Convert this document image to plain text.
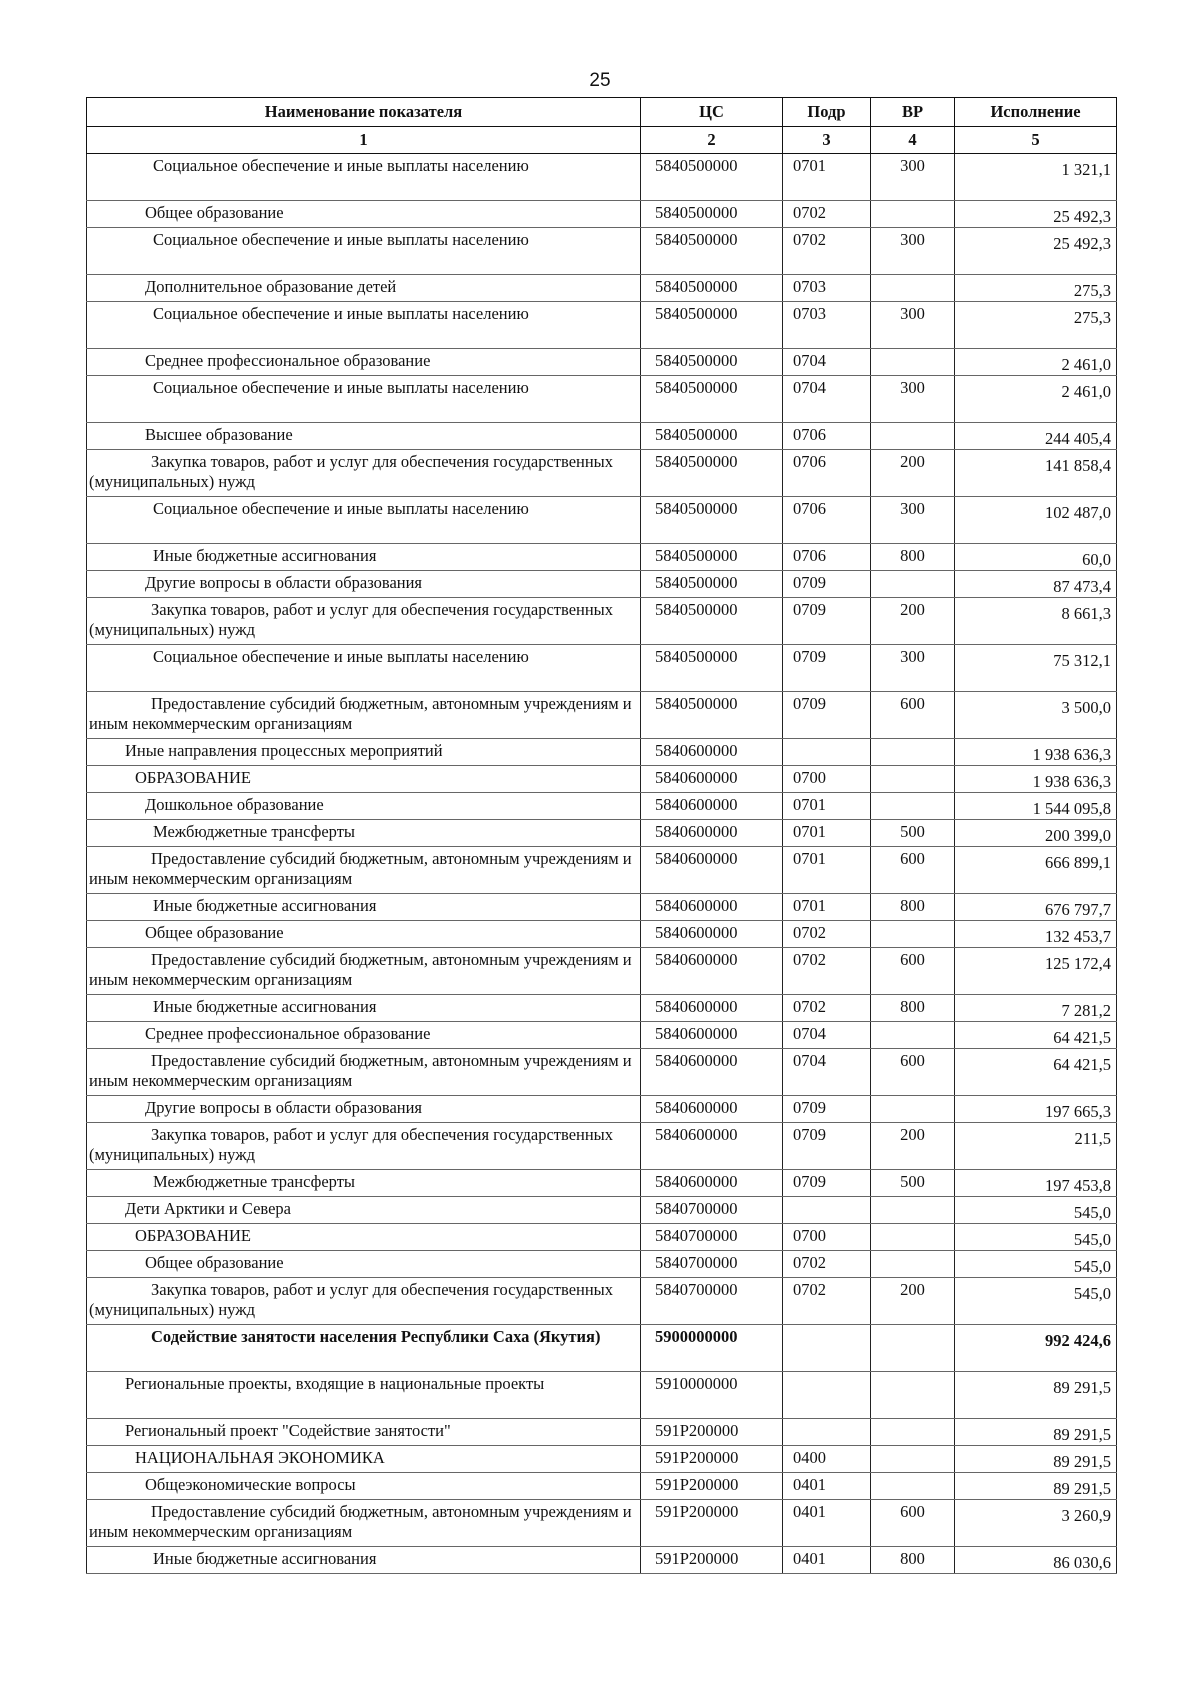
25
Наименование показателя	ЦС	Подр	ВР	Исполнение
1	2	3	4	5
Социальное обеспечение и иные выплаты населению	5840500000	0701	300	1 321,1
Общее образование	5840500000	0702		25 492,3
Социальное обеспечение и иные выплаты населению	5840500000	0702	300	25 492,3
Дополнительное образование детей	5840500000	0703		275,3
Социальное обеспечение и иные выплаты населению	5840500000	0703	300	275,3
Среднее профессиональное образование	5840500000	0704		2 461,0
Социальное обеспечение и иные выплаты населению	5840500000	0704	300	2 461,0
Высшее образование	5840500000	0706		244 405,4
Закупка товаров, работ и услуг для обеспечения государственных (муниципальных) нужд	5840500000	0706	200	141 858,4
Социальное обеспечение и иные выплаты населению	5840500000	0706	300	102 487,0
Иные бюджетные ассигнования	5840500000	0706	800	60,0
Другие вопросы в области образования	5840500000	0709		87 473,4
Закупка товаров, работ и услуг для обеспечения государственных (муниципальных) нужд	5840500000	0709	200	8 661,3
Социальное обеспечение и иные выплаты населению	5840500000	0709	300	75 312,1
Предоставление субсидий бюджетным, автономным учреждениям и иным некоммерческим организациям	5840500000	0709	600	3 500,0
Иные направления процессных мероприятий	5840600000			1 938 636,3
ОБРАЗОВАНИЕ	5840600000	0700		1 938 636,3
Дошкольное образование	5840600000	0701		1 544 095,8
Межбюджетные трансферты	5840600000	0701	500	200 399,0
Предоставление субсидий бюджетным, автономным учреждениям и иным некоммерческим организациям	5840600000	0701	600	666 899,1
Иные бюджетные ассигнования	5840600000	0701	800	676 797,7
Общее образование	5840600000	0702		132 453,7
Предоставление субсидий бюджетным, автономным учреждениям и иным некоммерческим организациям	5840600000	0702	600	125 172,4
Иные бюджетные ассигнования	5840600000	0702	800	7 281,2
Среднее профессиональное образование	5840600000	0704		64 421,5
Предоставление субсидий бюджетным, автономным учреждениям и иным некоммерческим организациям	5840600000	0704	600	64 421,5
Другие вопросы в области образования	5840600000	0709		197 665,3
Закупка товаров, работ и услуг для обеспечения государственных (муниципальных) нужд	5840600000	0709	200	211,5
Межбюджетные трансферты	5840600000	0709	500	197 453,8
Дети Арктики и Севера	5840700000			545,0
ОБРАЗОВАНИЕ	5840700000	0700		545,0
Общее образование	5840700000	0702		545,0
Закупка товаров, работ и услуг для обеспечения государственных (муниципальных) нужд	5840700000	0702	200	545,0
Содействие занятости населения Республики Саха (Якутия)	5900000000			992 424,6
Региональные проекты, входящие в национальные проекты	5910000000			89 291,5
Региональный проект "Содействие занятости"	591P200000			89 291,5
НАЦИОНАЛЬНАЯ ЭКОНОМИКА	591P200000	0400		89 291,5
Общеэкономические вопросы	591P200000	0401		89 291,5
Предоставление субсидий бюджетным, автономным учреждениям и иным некоммерческим организациям	591P200000	0401	600	3 260,9
Иные бюджетные ассигнования	591P200000	0401	800	86 030,6
